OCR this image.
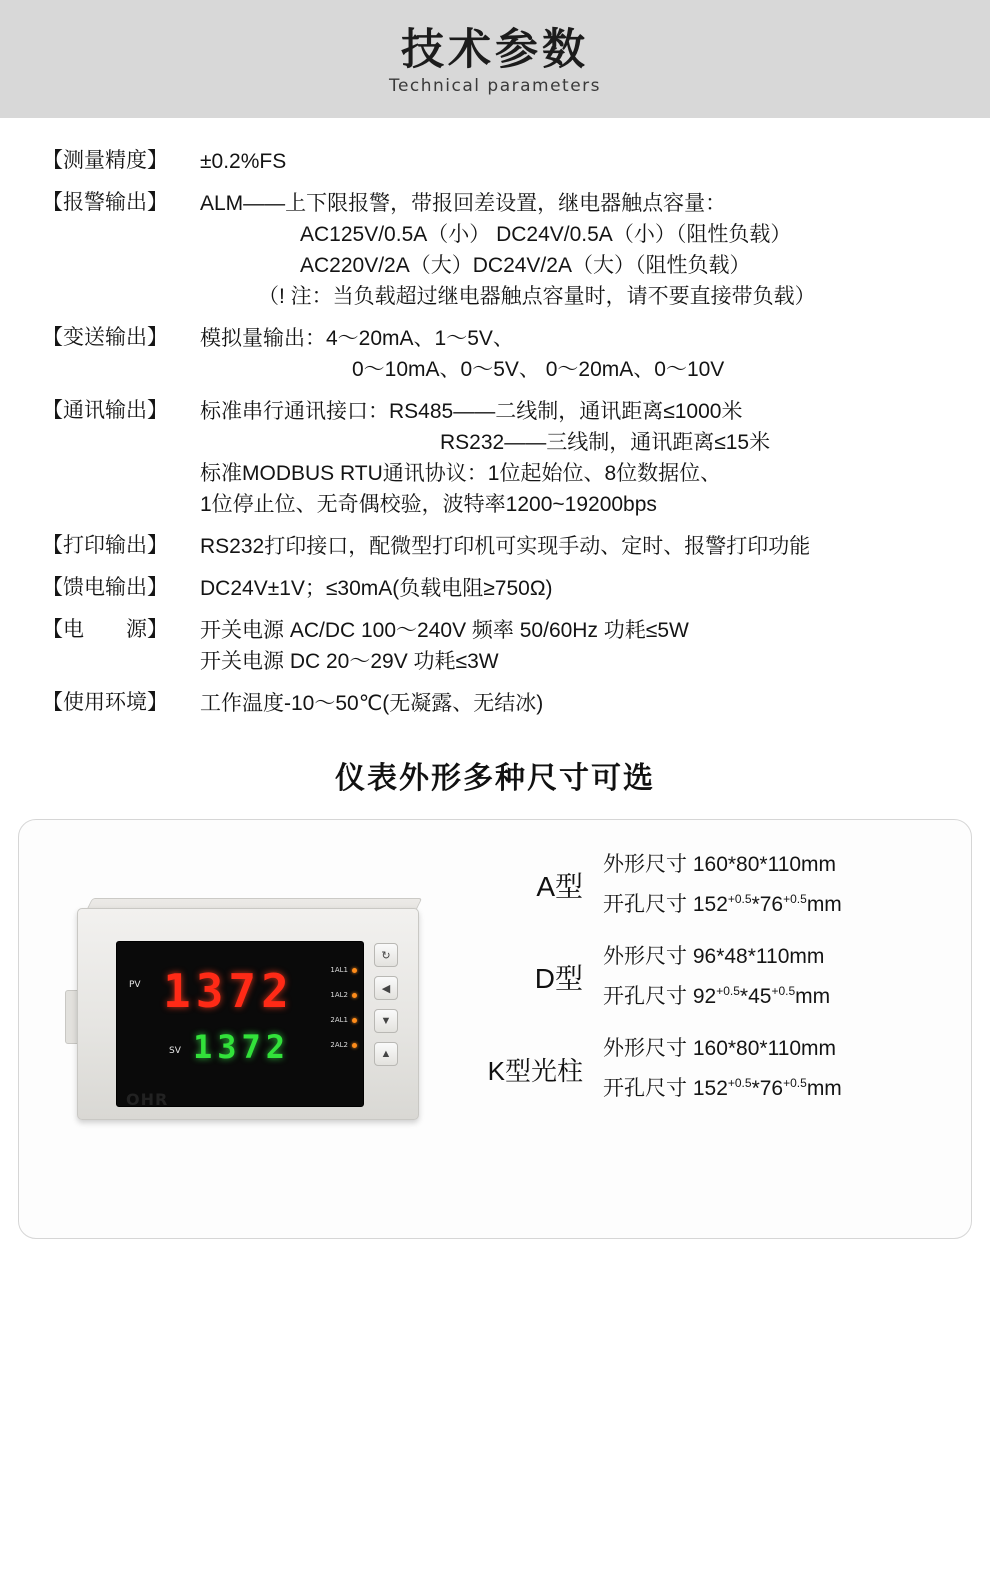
技术参数
Technical parameters
【测量精度】	±0.2%FS
【报警输出】	ALM——上下限报警，带报回差设置，继电器触点容量：
AC125V/0.5A（小） DC24V/0.5A（小）（阻性负载）
AC220V/2A（大）DC24V/2A（大）（阻性负载）
（! 注：当负载超过继电器触点容量时，请不要直接带负载）
【变送输出】	模拟量输出：4～20mA、1～5V、
0～10mA、0～5V、 0～20mA、0～10V
【通讯输出】	标准串行通讯接口：RS485——二线制，通讯距离≤1000米
RS232——三线制，通讯距离≤15米
标准MODBUS RTU通讯协议：1位起始位、8位数据位、
1位停止位、无奇偶校验，波特率1200~19200bps
【打印输出】	RS232打印接口，配微型打印机可实现手动、定时、报警打印功能
【馈电输出】	DC24V±1V；≤30mA(负载电阻≥750Ω)
【电　　源】	开关电源 AC/DC 100～240V 频率 50/60Hz 功耗≤5W
开关电源 DC 20～29V 功耗≤3W
【使用环境】	工作温度-10～50℃(无凝露、无结冰)
仪表外形多种尺寸可选
PV
SV
1372
1372
1AL1
1AL2
2AL1
2AL2
OHR
↻
◀
▼
▲
A型
外形尺寸 160*80*110mm
开孔尺寸 $152^{+0.5}*76^{+0.5}mm$
D型
外形尺寸 96*48*110mm
开孔尺寸 $92^{+0.5}*45^{+0.5}mm$
K型光柱
外形尺寸 160*80*110mm
开孔尺寸 $152^{+0.5}*76^{+0.5}mm$
